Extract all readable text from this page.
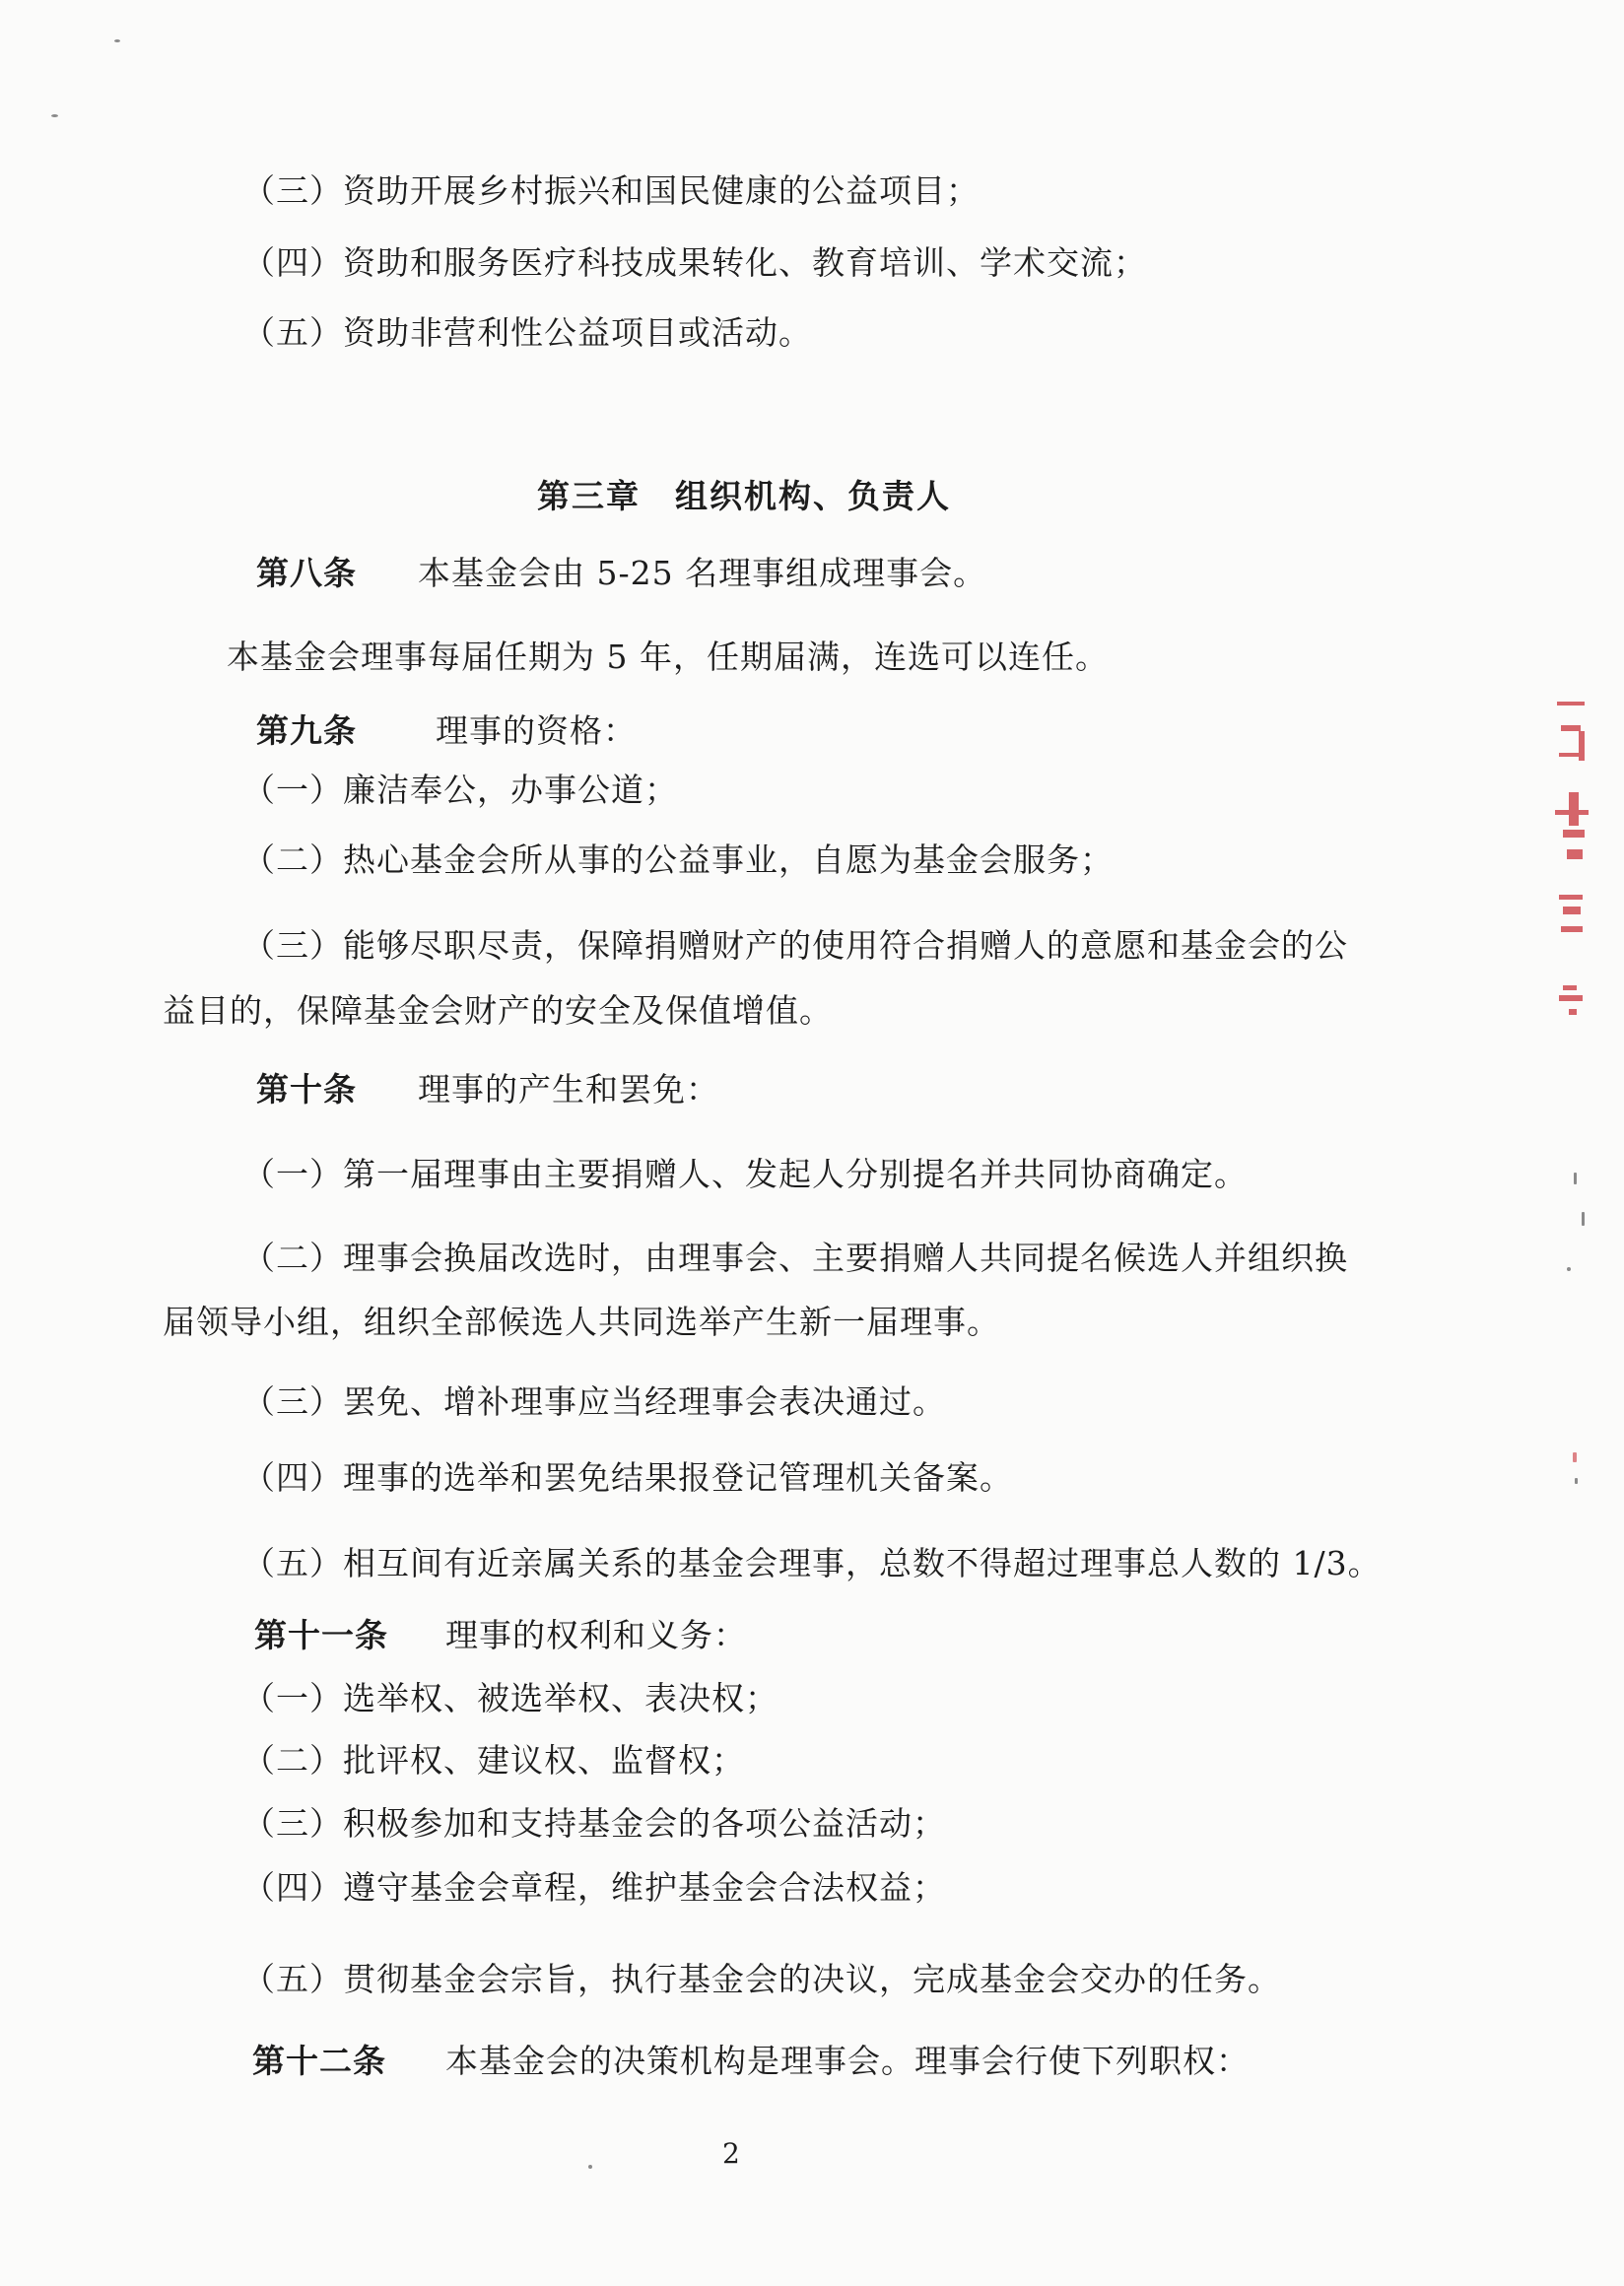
（三）资助开展乡村振兴和国民健康的公益项目；
（四）资助和服务医疗科技成果转化、教育培训、学术交流；
（五）资助非营利性公益项目或活动。
第三章　组织机构、负责人
第八条 本基金会由 5-25 名理事组成理事会。
本基金会理事每届任期为 5 年，任期届满，连选可以连任。
第九条 理事的资格：
（一）廉洁奉公，办事公道；
（二）热心基金会所从事的公益事业，自愿为基金会服务；
（三）能够尽职尽责，保障捐赠财产的使用符合捐赠人的意愿和基金会的公
益目的，保障基金会财产的安全及保值增值。
第十条 理事的产生和罢免：
（一）第一届理事由主要捐赠人、发起人分别提名并共同协商确定。
（二）理事会换届改选时，由理事会、主要捐赠人共同提名候选人并组织换
届领导小组，组织全部候选人共同选举产生新一届理事。
（三）罢免、增补理事应当经理事会表决通过。
（四）理事的选举和罢免结果报登记管理机关备案。
（五）相互间有近亲属关系的基金会理事，总数不得超过理事总人数的 1/3。
第十一条 理事的权利和义务：
（一）选举权、被选举权、表决权；
（二）批评权、建议权、监督权；
（三）积极参加和支持基金会的各项公益活动；
（四）遵守基金会章程，维护基金会合法权益；
（五）贯彻基金会宗旨，执行基金会的决议，完成基金会交办的任务。
第十二条 本基金会的决策机构是理事会。理事会行使下列职权：
2
